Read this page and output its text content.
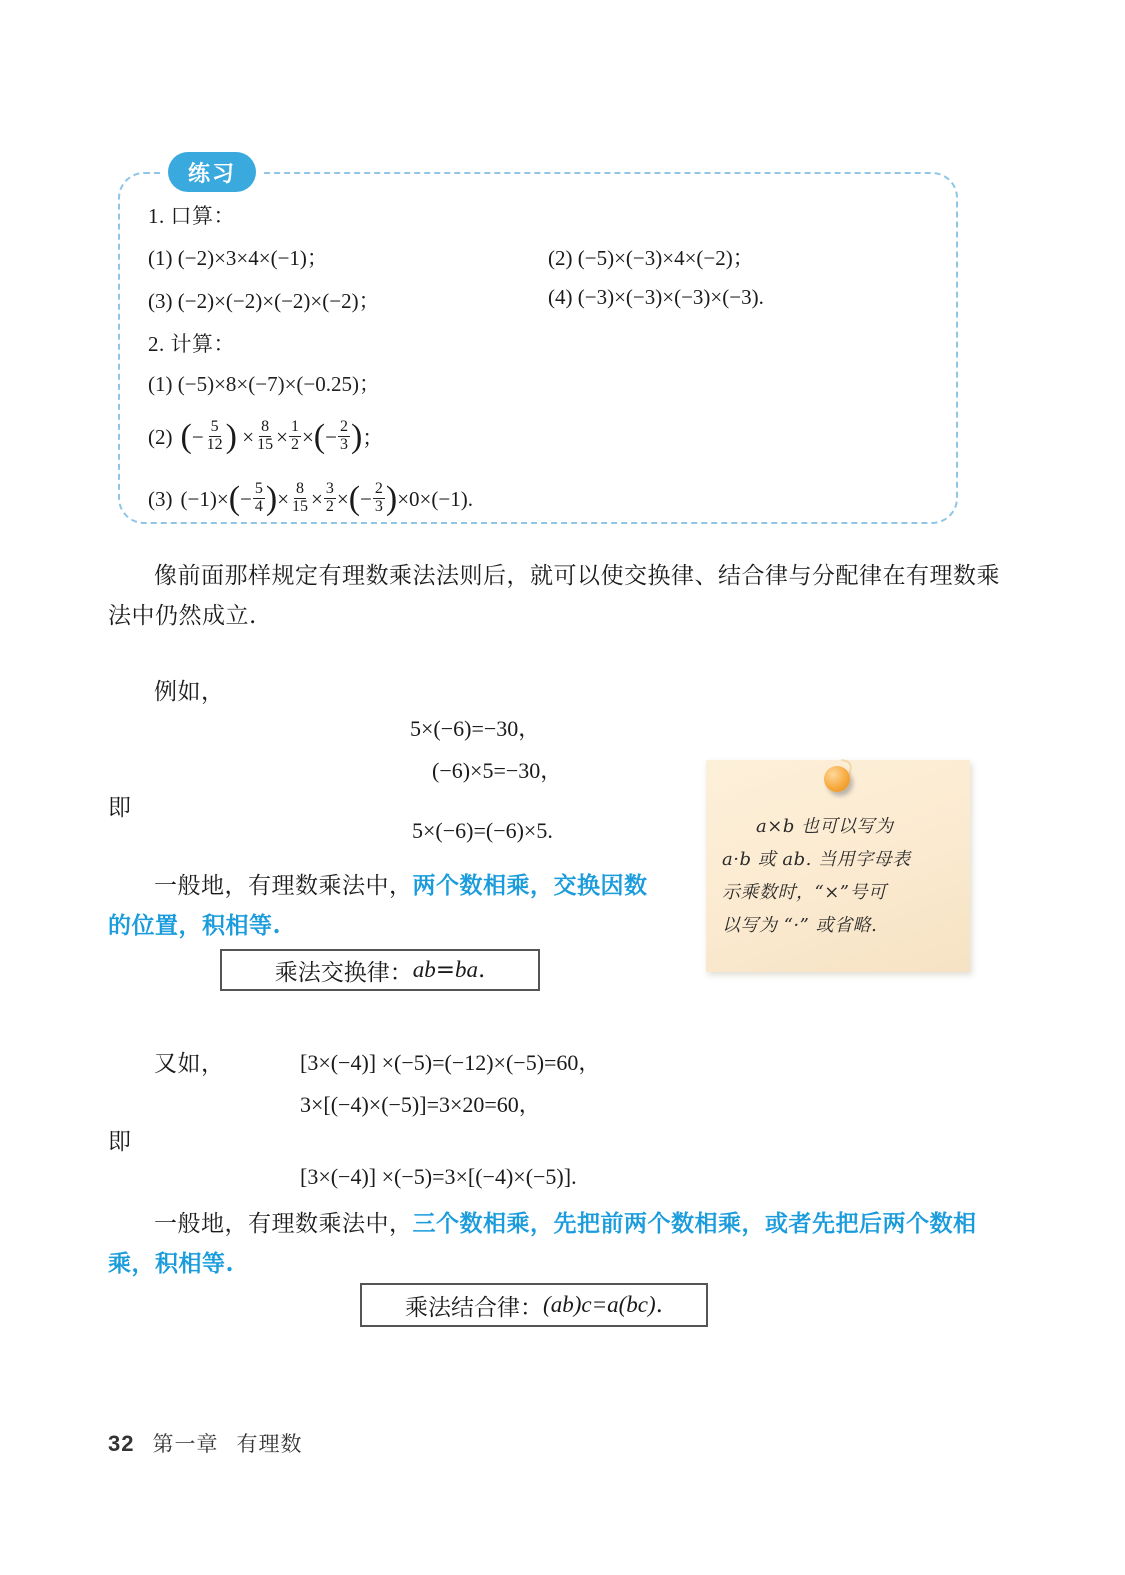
练习
1. 口算：
(1) (−2)×3×4×(−1)；	(2) (−5)×(−3)×4×(−2)；
(3) (−2)×(−2)×(−2)×(−2)；	(4) (−3)×(−3)×(−3)×(−3).
2. 计算：
(1) (−5)×8×(−7)×(−0.25)；
(2) ( − $\frac{5}{12}$ ) × $\frac{8}{15} \times \frac{1}{2}$ × ( − $\frac{2}{3}$ ) ；
(3) (−1)× ( − $\frac{5}{4}$ ) × $\frac{8}{15} \times \frac{3}{2}$ × ( − $\frac{2}{3}$ ) ×0×(−1).
像前面那样规定有理数乘法法则后，就可以使交换律、结合律与分配律在有理数乘法中仍然成立.
例如，
5×(−6)=−30，
(−6)×5=−30，
即
5×(−6)=(−6)×5.
一般地，有理数乘法中，两个数相乘，交换因数的位置，积相等.
乘法交换律： ab = ba .
a×b 也可以写为
a·b 或 ab. 当用字母表
示乘数时，“×”号可
以写为 “·” 或省略.
又如，	[3×(−4)] ×(−5)=(−12)×(−5)=60，
3×[(−4)×(−5)]=3×20=60，
即
[3×(−4)] ×(−5)=3×[(−4)×(−5)].
一般地，有理数乘法中，三个数相乘，先把前两个数相乘，或者先把后两个数相乘，积相等.
乘法结合律： (ab)c=a(bc) .
32 第一章 有理数
